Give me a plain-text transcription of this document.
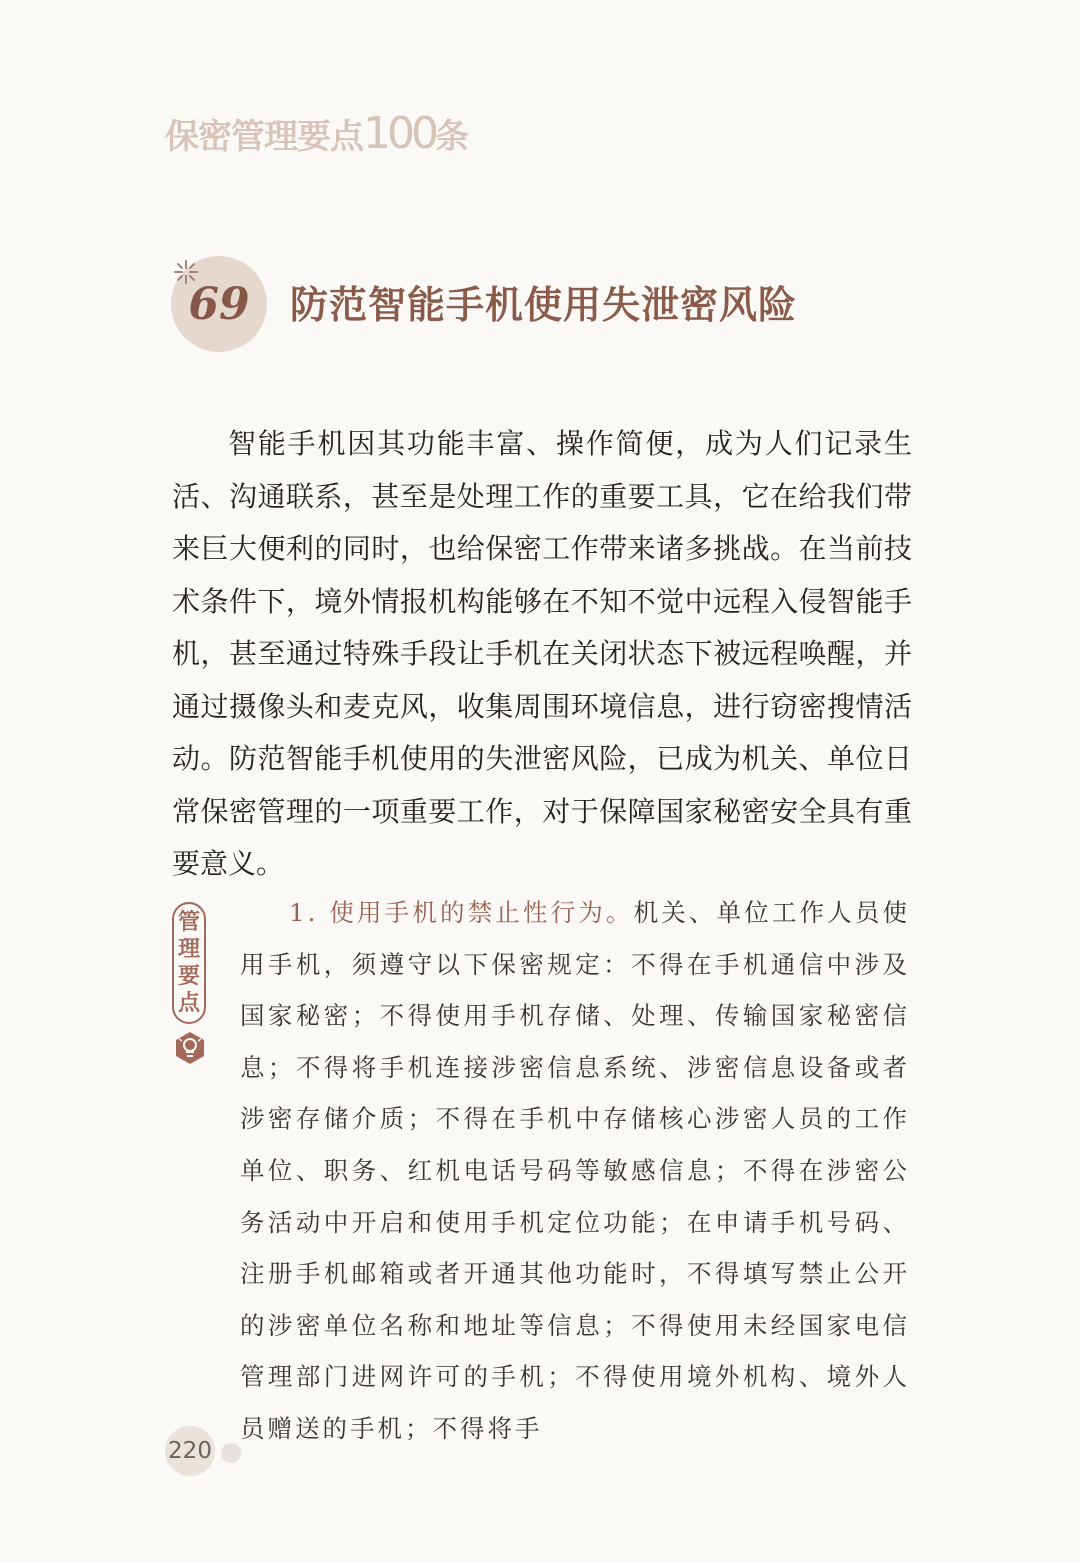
保密管理要点100条
69	防范智能手机使用失泄密风险

智能手机因其功能丰富、操作简便，成为人们记录生活、沟通联系，甚至是处理工作的重要工具，它在给我们带来巨大便利的同时，也给保密工作带来诸多挑战。在当前技术条件下，境外情报机构能够在不知不觉中远程入侵智能手机，甚至通过特殊手段让手机在关闭状态下被远程唤醒，并通过摄像头和麦克风，收集周围环境信息，进行窃密搜情活动。防范智能手机使用的失泄密风险，已成为机关、单位日常保密管理的一项重要工作，对于保障国家秘密安全具有重要意义。

管
理
要
点

1. 使用手机的禁止性行为。机关、单位工作人员使用手机，须遵守以下保密规定：不得在手机通信中涉及国家秘密；不得使用手机存储、处理、传输国家秘密信息；不得将手机连接涉密信息系统、涉密信息设备或者涉密存储介质；不得在手机中存储核心涉密人员的工作单位、职务、红机电话号码等敏感信息；不得在涉密公务活动中开启和使用手机定位功能；在申请手机号码、注册手机邮箱或者开通其他功能时，不得填写禁止公开的涉密单位名称和地址等信息；不得使用未经国家电信管理部门进网许可的手机；不得使用境外机构、境外人员赠送的手机；不得将手

220
